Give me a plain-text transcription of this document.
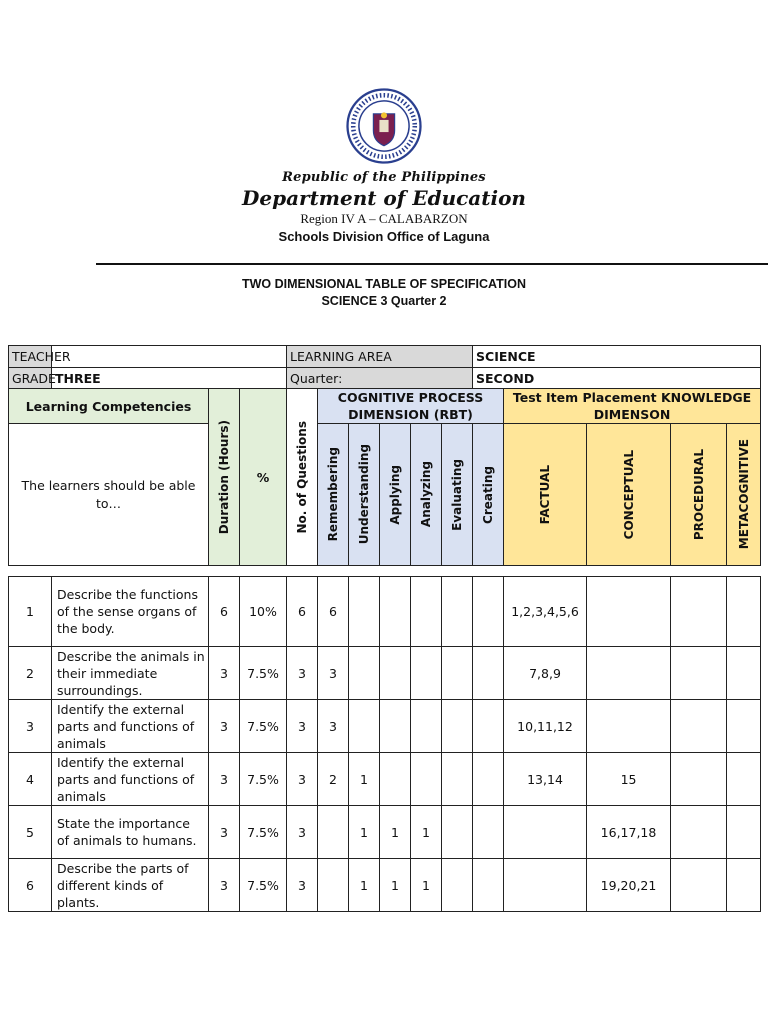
Republic of the Philippines
Department of Education
Region IV A – CALABARZON
Schools Division Office of Laguna
TWO DIMENSIONAL TABLE OF SPECIFICATION
SCIENCE 3 Quarter 2
TEACHER				LEARNING AREA						SCIENCE				
GRADE	THREE			Quarter:						SECOND				
Learning Competencies		Duration (Hours)	%	No. of Questions	COGNITIVE PROCESS DIMENSION (RBT)						Test Item Placement KNOWLEDGE DIMENSON			
The learners should be able to…					Remembering	Understanding	Applying	Analyzing	Evaluating	Creating	FACTUAL	CONCEPTUAL	PROCEDURAL	METACOGNITIVE

1	Describe the functions of the sense organs of the body.	6	10%	6	6						1,2,3,4,5,6			
2	Describe the animals in their immediate surroundings.	3	7.5%	3	3						7,8,9			
3	Identify the external parts and functions of animals	3	7.5%	3	3						10,11,12			
4	Identify the external parts and functions of animals	3	7.5%	3	2	1					13,14	15		
5	State the importance of animals to humans.	3	7.5%	3		1	1	1				16,17,18		
6	Describe the parts of different kinds of plants.	3	7.5%	3		1	1	1				19,20,21		
